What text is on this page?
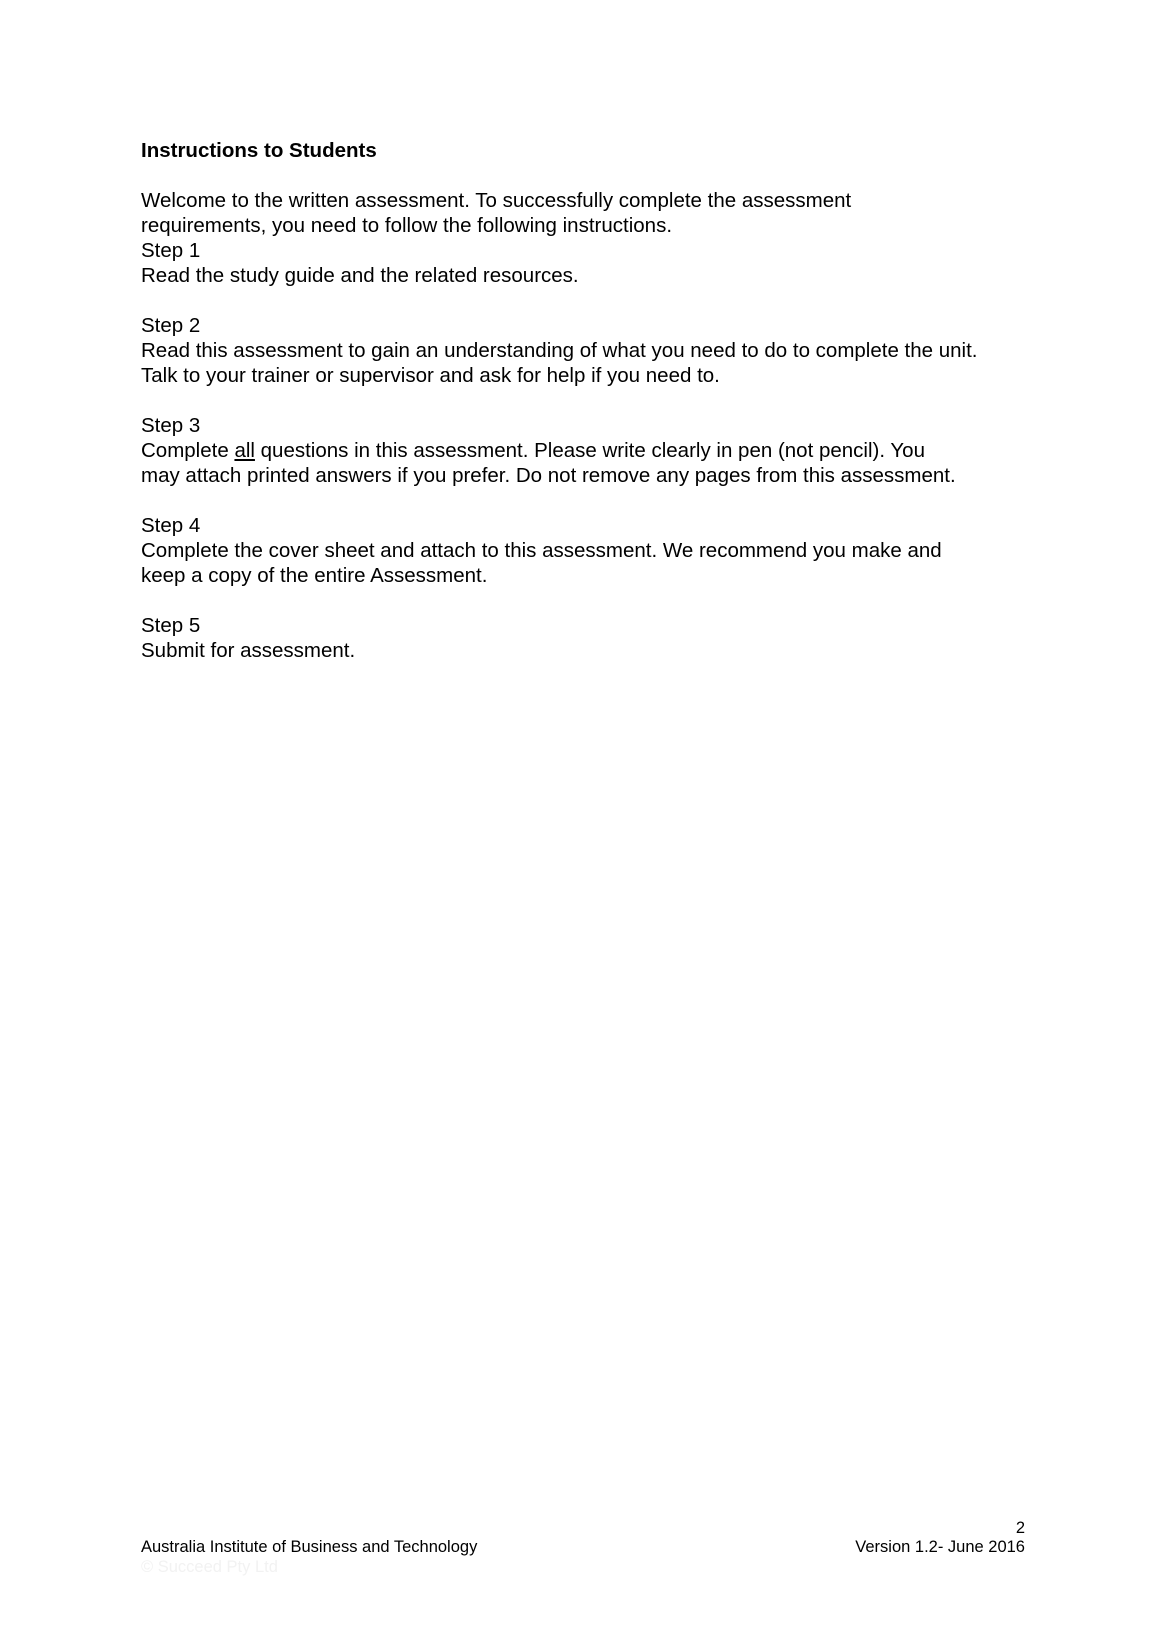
Instructions to Students

Welcome to the written assessment. To successfully complete the assessment

requirements, you need to follow the following instructions.

Step 1

Read the study guide and the related resources.

Step 2

Read this assessment to gain an understanding of what you need to do to complete the unit.

Talk to your trainer or supervisor and ask for help if you need to.

Step 3

Complete all questions in this assessment. Please write clearly in pen (not pencil). You

may attach printed answers if you prefer. Do not remove any pages from this assessment.

Step 4

Complete the cover sheet and attach to this assessment. We recommend you make and

keep a copy of the entire Assessment.

Step 5

Submit for assessment.

2
Australia Institute of Business and Technology	Version 1.2- June 2016
© Succeed Pty Ltd
